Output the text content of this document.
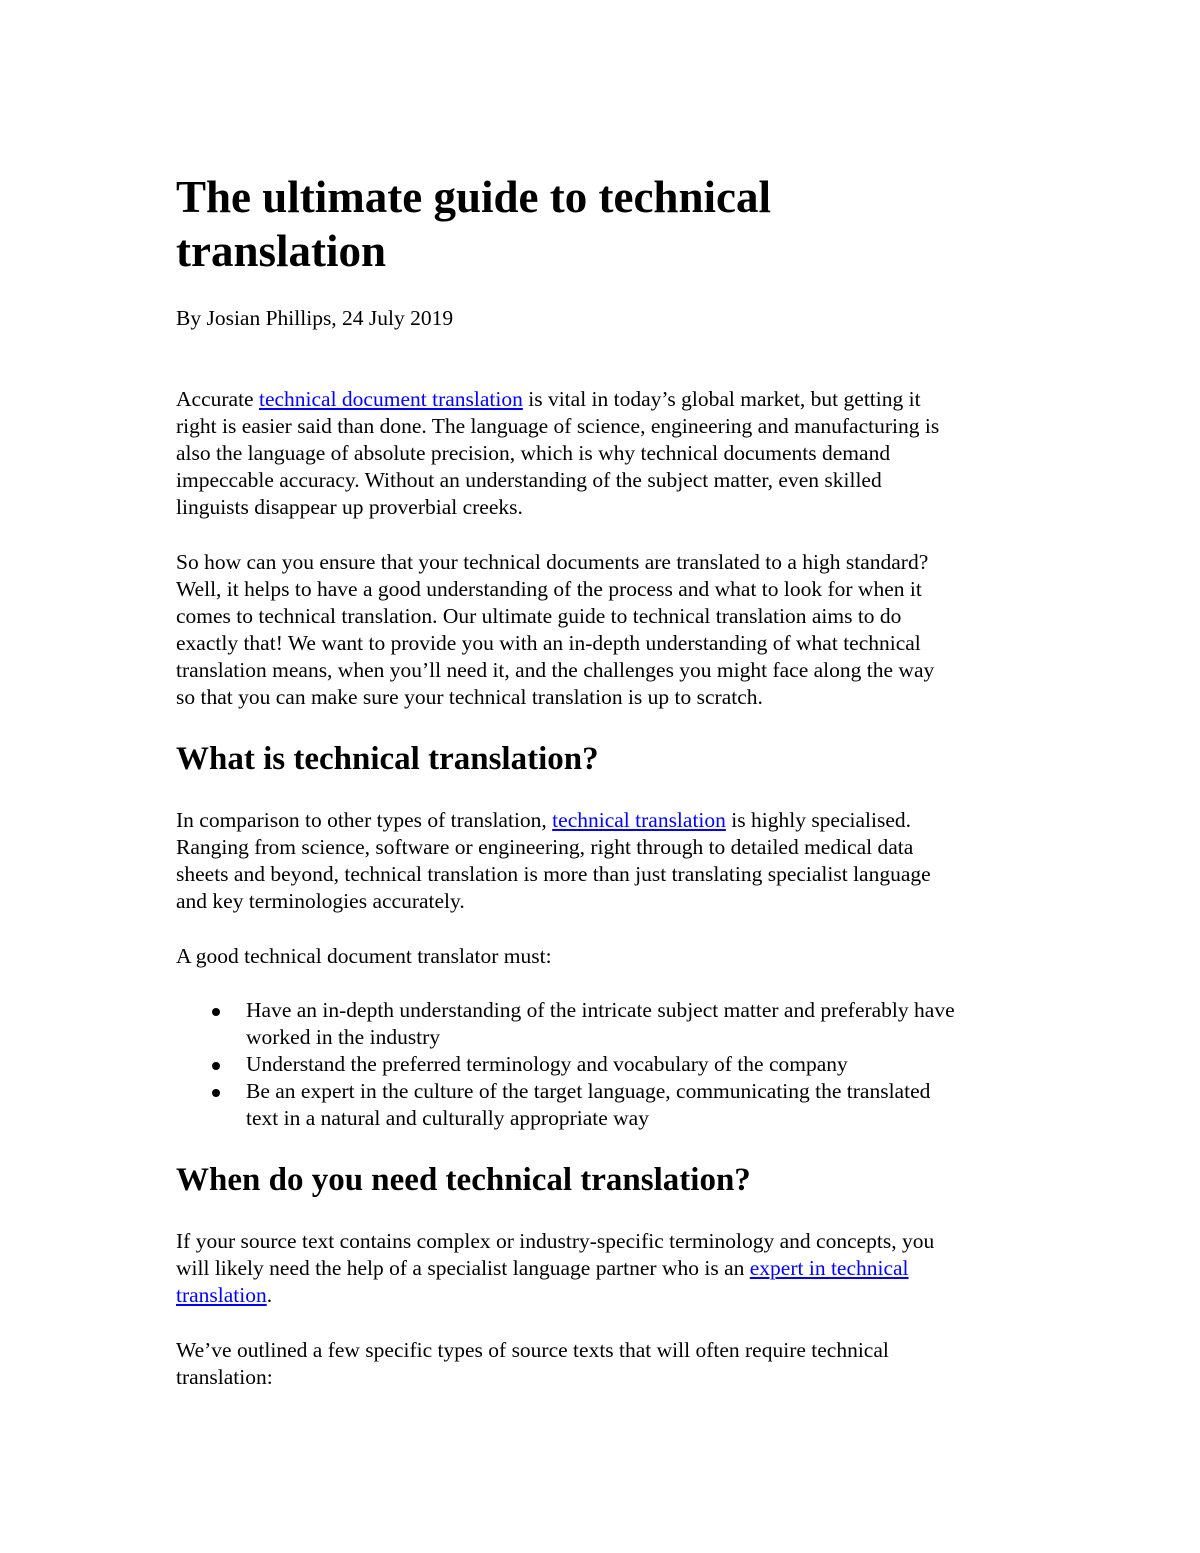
The ultimate guide to technical
translation
By Josian Phillips, 24 July 2019
Accurate technical document translation is vital in today’s global market, but getting it
right is easier said than done. The language of science, engineering and manufacturing is
also the language of absolute precision, which is why technical documents demand
impeccable accuracy. Without an understanding of the subject matter, even skilled
linguists disappear up proverbial creeks.
So how can you ensure that your technical documents are translated to a high standard?
Well, it helps to have a good understanding of the process and what to look for when it
comes to technical translation. Our ultimate guide to technical translation aims to do
exactly that! We want to provide you with an in-depth understanding of what technical
translation means, when you’ll need it, and the challenges you might face along the way
so that you can make sure your technical translation is up to scratch.
What is technical translation?
In comparison to other types of translation, technical translation is highly specialised.
Ranging from science, software or engineering, right through to detailed medical data
sheets and beyond, technical translation is more than just translating specialist language
and key terminologies accurately.
A good technical document translator must:
Have an in-depth understanding of the intricate subject matter and preferably have
worked in the industry
Understand the preferred terminology and vocabulary of the company
Be an expert in the culture of the target language, communicating the translated
text in a natural and culturally appropriate way
When do you need technical translation?
If your source text contains complex or industry-specific terminology and concepts, you
will likely need the help of a specialist language partner who is an expert in technical
translation.
We’ve outlined a few specific types of source texts that will often require technical
translation:
